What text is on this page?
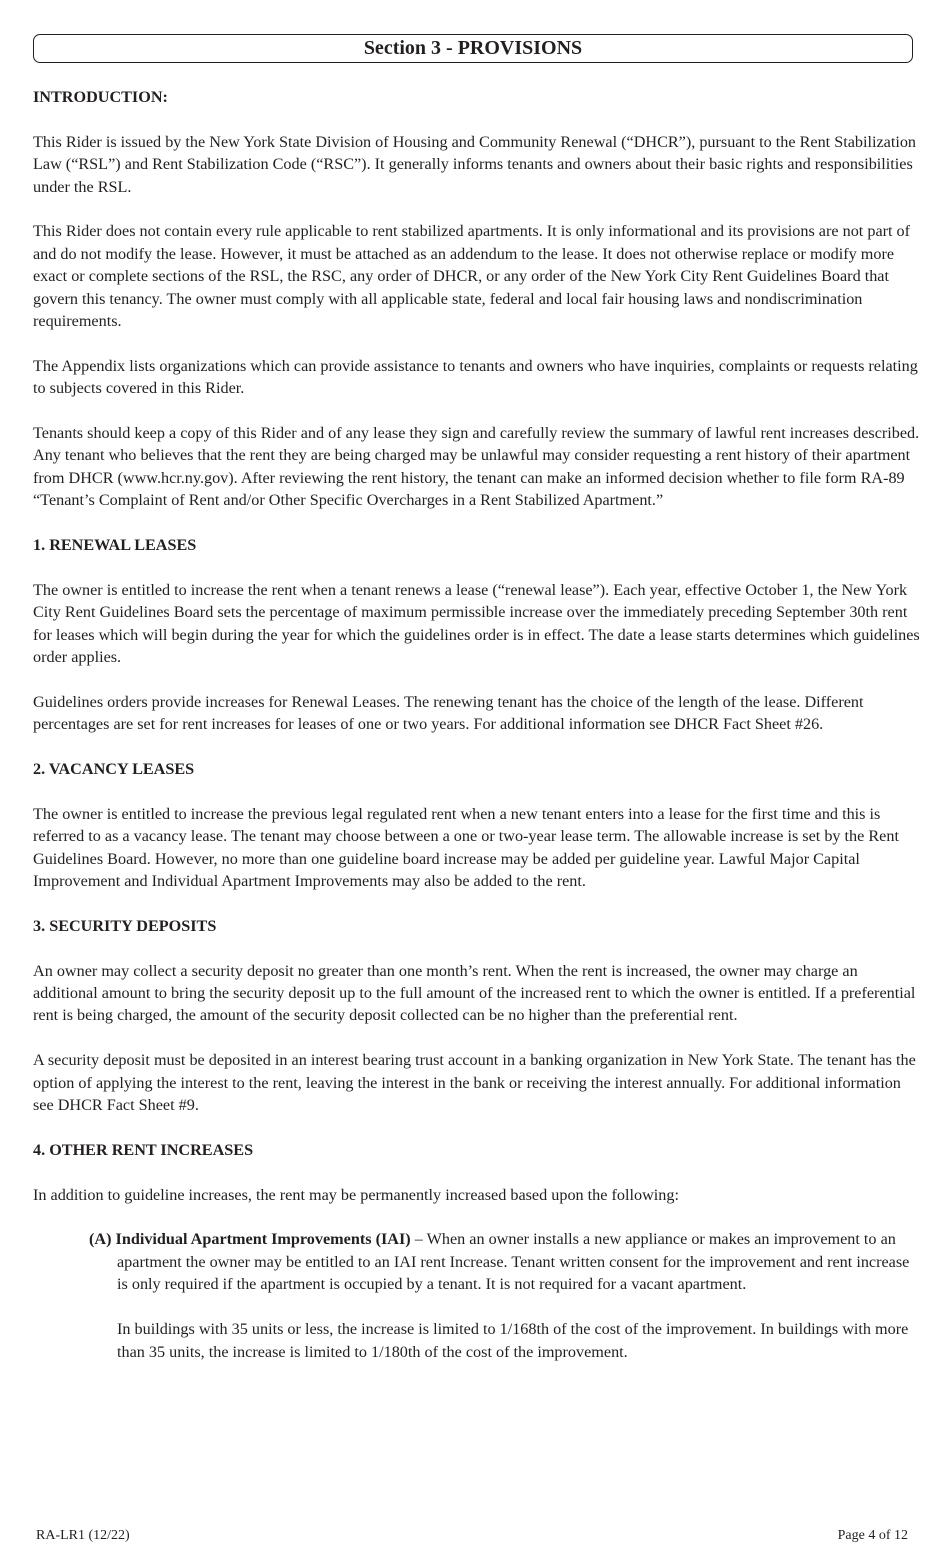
Section 3 - PROVISIONS

INTRODUCTION:

This Rider is issued by the New York State Division of Housing and Community Renewal (“DHCR”), pursuant to the Rent Stabilization Law (“RSL”) and Rent Stabilization Code (“RSC”). It generally informs tenants and owners about their basic rights and responsibilities under the RSL.

This Rider does not contain every rule applicable to rent stabilized apartments. It is only informational and its provisions are not part of and do not modify the lease. However, it must be attached as an addendum to the lease. It does not otherwise replace or modify more exact or complete sections of the RSL, the RSC, any order of DHCR, or any order of the New York City Rent Guidelines Board that govern this tenancy. The owner must comply with all applicable state, federal and local fair housing laws and nondiscrimination requirements.

The Appendix lists organizations which can provide assistance to tenants and owners who have inquiries, complaints or requests relating to subjects covered in this Rider.

Tenants should keep a copy of this Rider and of any lease they sign and carefully review the summary of lawful rent increases described. Any tenant who believes that the rent they are being charged may be unlawful may consider requesting a rent history of their apartment from DHCR (www.hcr.ny.gov). After reviewing the rent history, the tenant can make an informed decision whether to file form RA-89 “Tenant’s Complaint of Rent and/or Other Specific Overcharges in a Rent Stabilized Apartment.”

1. RENEWAL LEASES

The owner is entitled to increase the rent when a tenant renews a lease (“renewal lease”). Each year, effective October 1, the New York City Rent Guidelines Board sets the percentage of maximum permissible increase over the immediately preceding September 30th rent for leases which will begin during the year for which the guidelines order is in effect. The date a lease starts determines which guidelines order applies.

Guidelines orders provide increases for Renewal Leases. The renewing tenant has the choice of the length of the lease. Different percentages are set for rent increases for leases of one or two years. For additional information see DHCR Fact Sheet #26.

2. VACANCY LEASES

The owner is entitled to increase the previous legal regulated rent when a new tenant enters into a lease for the first time and this is referred to as a vacancy lease. The tenant may choose between a one or two-year lease term. The allowable increase is set by the Rent Guidelines Board. However, no more than one guideline board increase may be added per guideline year. Lawful Major Capital Improvement and Individual Apartment Improvements may also be added to the rent.

3. SECURITY DEPOSITS

An owner may collect a security deposit no greater than one month’s rent. When the rent is increased, the owner may charge an additional amount to bring the security deposit up to the full amount of the increased rent to which the owner is entitled. If a preferential rent is being charged, the amount of the security deposit collected can be no higher than the preferential rent.

A security deposit must be deposited in an interest bearing trust account in a banking organization in New York State. The tenant has the option of applying the interest to the rent, leaving the interest in the bank or receiving the interest annually. For additional information see DHCR Fact Sheet #9.

4. OTHER RENT INCREASES

In addition to guideline increases, the rent may be permanently increased based upon the following:

(A) Individual Apartment Improvements (IAI) – When an owner installs a new appliance or makes an improvement to an apartment the owner may be entitled to an IAI rent Increase. Tenant written consent for the improvement and rent increase is only required if the apartment is occupied by a tenant. It is not required for a vacant apartment.

In buildings with 35 units or less, the increase is limited to 1/168th of the cost of the improvement. In buildings with more than 35 units, the increase is limited to 1/180th of the cost of the improvement.

RA-LR1 (12/22)	Page 4 of 12
